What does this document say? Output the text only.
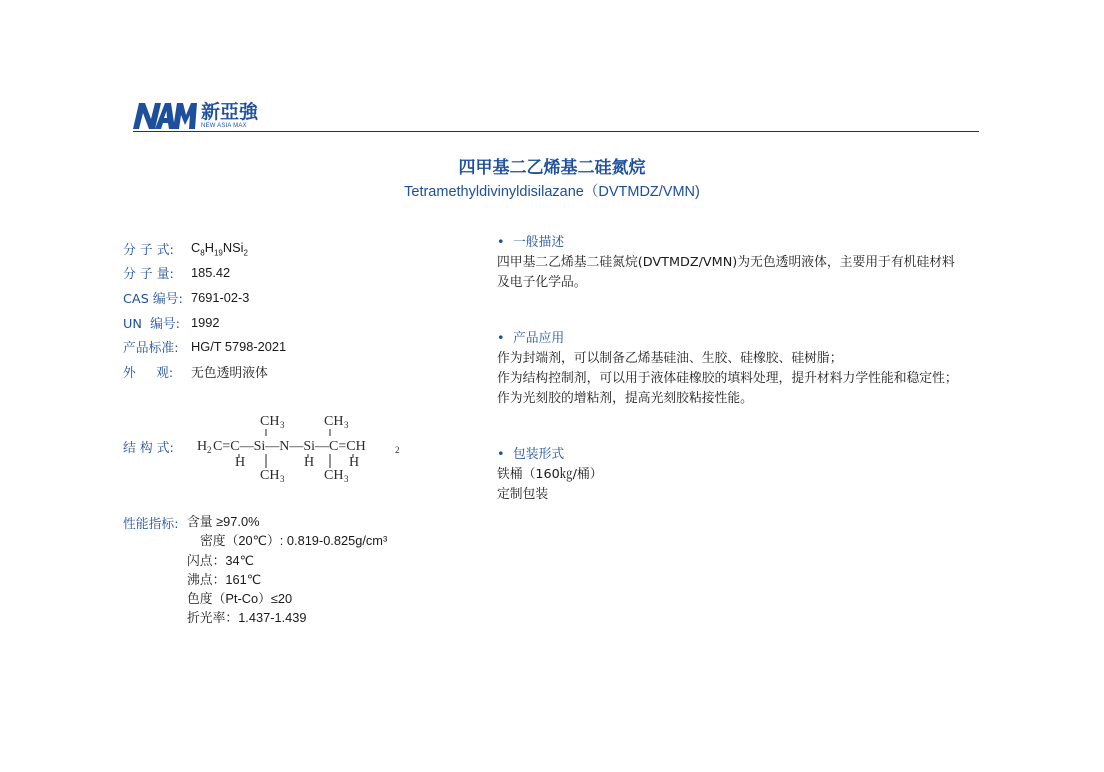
新亞強
NEW ASIA MAX
四甲基二乙烯基二硅氮烷
Tetramethyldivinyldisilazane（DVTMDZ/VMN)
分 子 式:	$C_8H_{19}NSi_2$
分 子 量:	185.42
CAS 编号: 7691-02-3
UN  编号: 1992
产品标准: HG/T 5798-2021
外     观:	无色透明液体
结 构 式:
CH 3	CH 3
H 2 C=C—Si—N—Si—C=CH	2
H	H H
CH 3	CH 3
性能指标: 含量 ≥97.0%
密度（20℃）: 0.819-0.825g/cm³
闪点：34℃
沸点：161℃
色度（Pt-Co）≤20
折光率：1.437-1.439
• 一般描述
四甲基二乙烯基二硅氮烷(DVTMDZ/VMN)为无色透明液体，主要用于有机硅材料
及电子化学品。
• 产品应用
作为封端剂，可以制备乙烯基硅油、生胶、硅橡胶、硅树脂；
作为结构控制剂，可以用于液体硅橡胶的填料处理，提升材料力学性能和稳定性；
作为光刻胶的增粘剂，提高光刻胶粘接性能。
• 包装形式
铁桶（160㎏/桶）
定制包装
